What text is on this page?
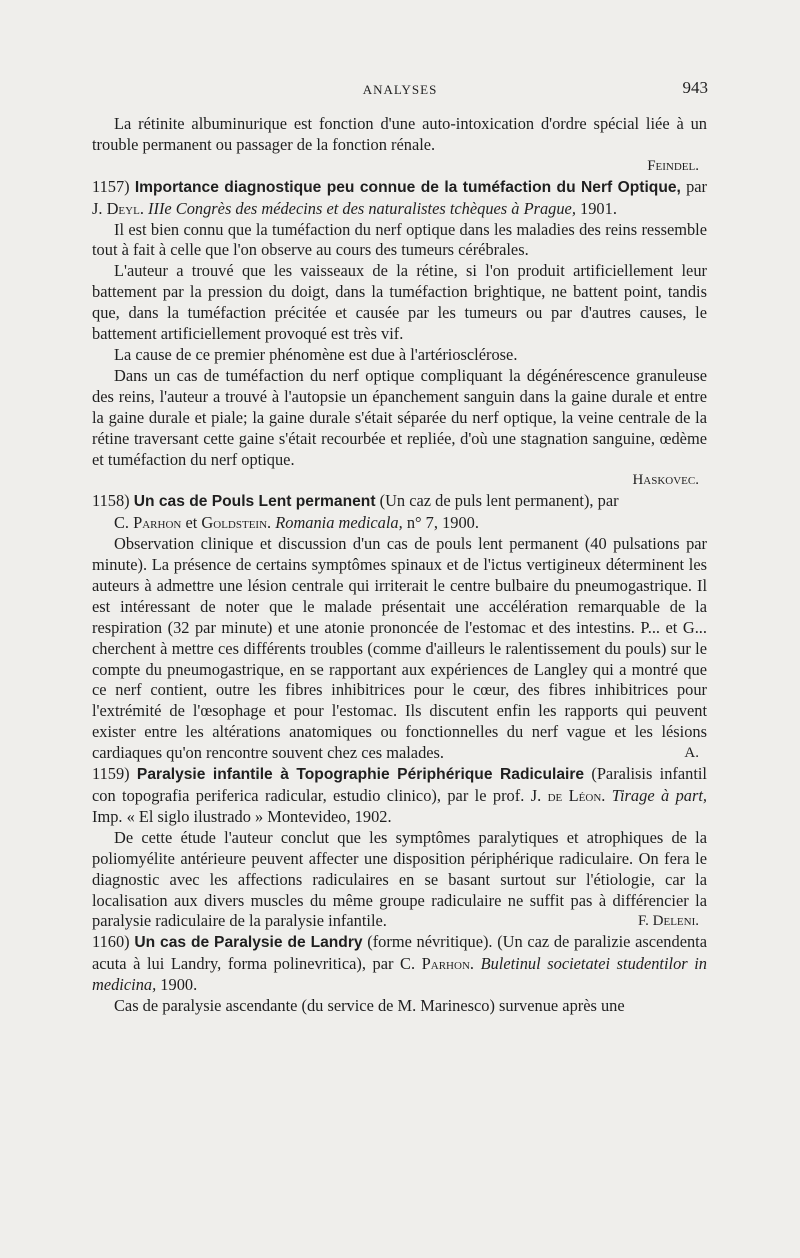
ANALYSES	943

La rétinite albuminurique est fonction d'une auto-intoxication d'ordre spécial liée à un trouble permanent ou passager de la fonction rénale.

Feindel.

1157) Importance diagnostique peu connue de la tuméfaction du Nerf Optique, par J. Deyl. IIIe Congrès des médecins et des naturalistes tchèques à Prague, 1901.

Il est bien connu que la tuméfaction du nerf optique dans les maladies des reins ressemble tout à fait à celle que l'on observe au cours des tumeurs cérébrales.

L'auteur a trouvé que les vaisseaux de la rétine, si l'on produit artificiellement leur battement par la pression du doigt, dans la tuméfaction brightique, ne battent point, tandis que, dans la tuméfaction précitée et causée par les tumeurs ou par d'autres causes, le battement artificiellement provoqué est très vif.

La cause de ce premier phénomène est due à l'artériosclérose.

Dans un cas de tuméfaction du nerf optique compliquant la dégénérescence granuleuse des reins, l'auteur a trouvé à l'autopsie un épanchement sanguin dans la gaine durale et entre la gaine durale et piale; la gaine durale s'était séparée du nerf optique, la veine centrale de la rétine traversant cette gaine s'était recourbée et repliée, d'où une stagnation sanguine, œdème et tuméfaction du nerf optique.

Haskovec.

1158) Un cas de Pouls Lent permanent (Un caz de puls lent permanent), par
C. Parhon et Goldstein. Romania medicala, n° 7, 1900.

Observation clinique et discussion d'un cas de pouls lent permanent (40 pulsations par minute). La présence de certains symptômes spinaux et de l'ictus vertigineux déterminent les auteurs à admettre une lésion centrale qui irriterait le centre bulbaire du pneumogastrique. Il est intéressant de noter que le malade présentait une accélération remarquable de la respiration (32 par minute) et une atonie prononcée de l'estomac et des intestins. P... et G... cherchent à mettre ces différents troubles (comme d'ailleurs le ralentissement du pouls) sur le compte du pneumogastrique, en se rapportant aux expériences de Langley qui a montré que ce nerf contient, outre les fibres inhibitrices pour le cœur, des fibres inhibitrices pour l'extrémité de l'œsophage et pour l'estomac. Ils discutent enfin les rapports qui peuvent exister entre les altérations anatomiques ou fonctionnelles du nerf vague et les lésions cardiaques qu'on rencontre souvent chez ces malades.	A.

1159) Paralysie infantile à Topographie Périphérique Radiculaire (Paralisis infantil con topografia periferica radicular, estudio clinico), par le prof. J. de Léon. Tirage à part, Imp. « El siglo ilustrado » Montevideo, 1902.

De cette étude l'auteur conclut que les symptômes paralytiques et atrophiques de la poliomyélite antérieure peuvent affecter une disposition périphérique radiculaire. On fera le diagnostic avec les affections radiculaires en se basant surtout sur l'étiologie, car la localisation aux divers muscles du même groupe radiculaire ne suffit pas à différencier la paralysie radiculaire de la paralysie infantile.	F. Deleni.

1160) Un cas de Paralysie de Landry (forme névritique). (Un caz de paralizie ascendenta acuta à lui Landry, forma polinevritica), par C. Parhon. Buletinul societatei studentilor in medicina, 1900.

Cas de paralysie ascendante (du service de M. Marinesco) survenue après une
